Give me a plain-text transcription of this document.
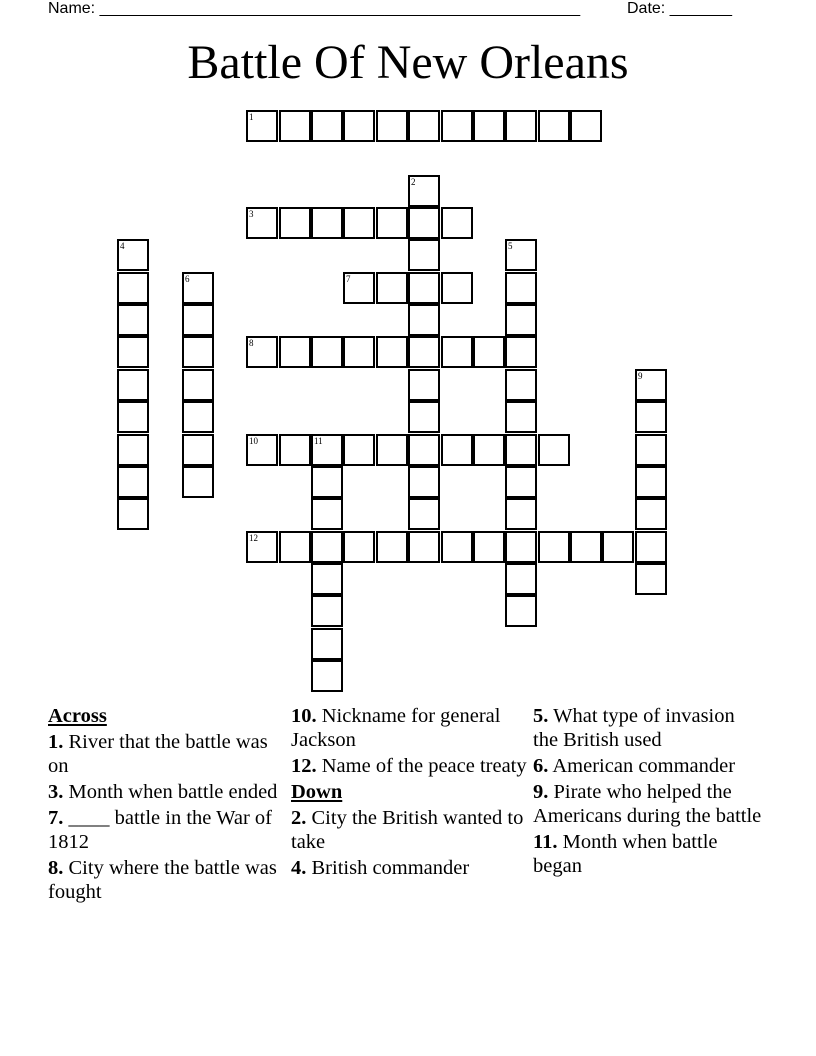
Name: ______________________________________________________	Date: _______
Battle Of New Orleans
1
3
7
8
10	11
12
2
4	5
6
9
Across
1. River that the battle was on
3. Month when battle ended
7. ____ battle in the War of 1812
8. City where the battle was fought
10. Nickname for general Jackson
12. Name of the peace treaty
Down
2. City the British wanted to take
4. British commander
5. What type of invasion the British used
6. American commander
9. Pirate who helped the Americans during the battle
11. Month when battle began
